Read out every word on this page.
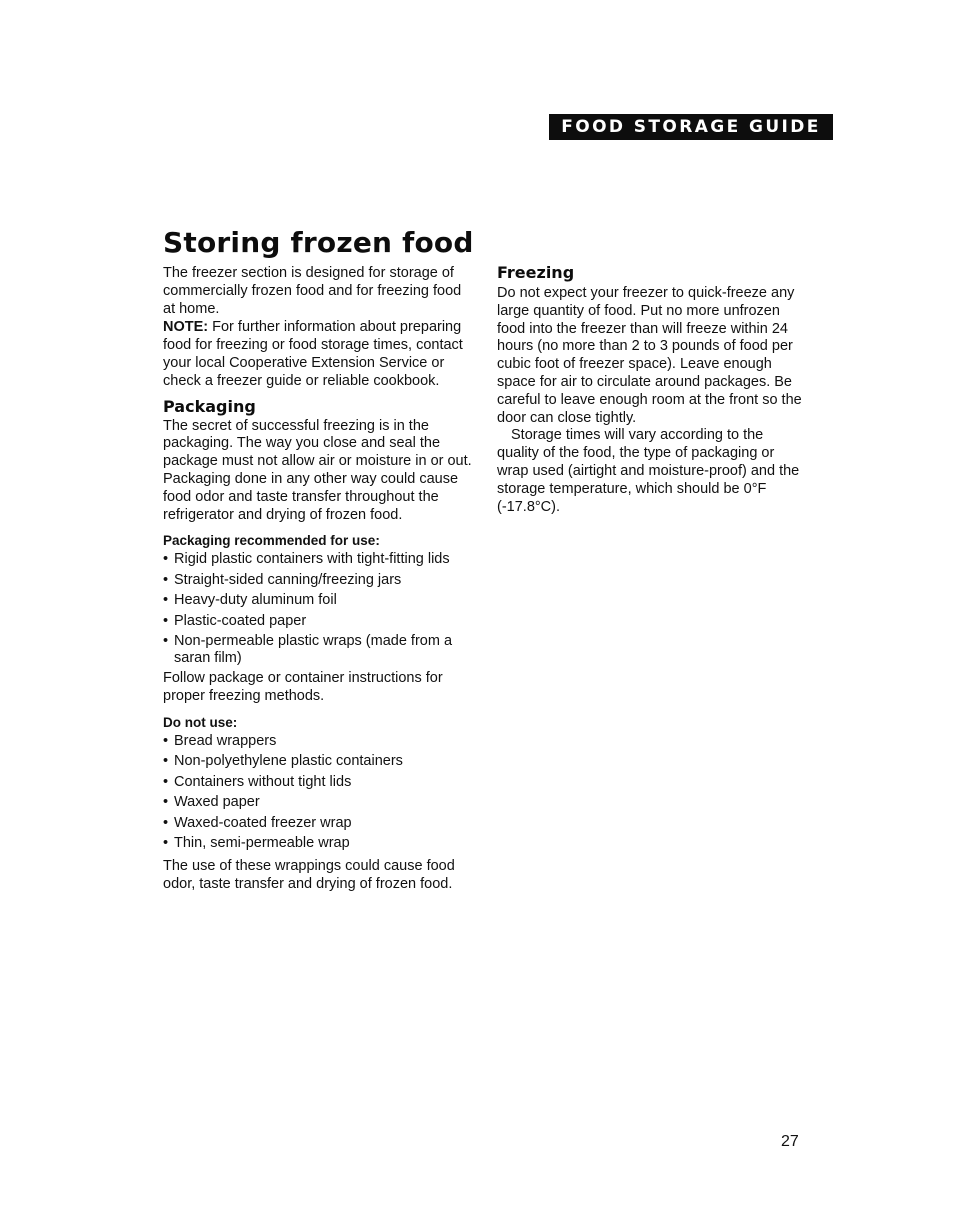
FOOD STORAGE GUIDE
Storing frozen food

The freezer section is designed for storage of commercially frozen food and for freezing food at home.

NOTE: For further information about preparing food for freezing or food storage times, contact your local Cooperative Extension Service or check a freezer guide or reliable cookbook.

Packaging

The secret of successful freezing is in the packaging. The way you close and seal the package must not allow air or moisture in or out. Packaging done in any other way could cause food odor and taste transfer throughout the refrigerator and drying of frozen food.

Packaging recommended for use:

• Rigid plastic containers with tight-fitting lids
• Straight-sided canning/freezing jars
• Heavy-duty aluminum foil
• Plastic-coated paper
• Non-permeable plastic wraps (made from a saran film)

Follow package or container instructions for proper freezing methods.

Do not use:

• Bread wrappers
• Non-polyethylene plastic containers
• Containers without tight lids
• Waxed paper
• Waxed-coated freezer wrap
• Thin, semi-permeable wrap

The use of these wrappings could cause food odor, taste transfer and drying of frozen food.

Freezing

Do not expect your freezer to quick-freeze any large quantity of food. Put no more unfrozen food into the freezer than will freeze within 24 hours (no more than 2 to 3 pounds of food per cubic foot of freezer space). Leave enough space for air to circulate around packages. Be careful to leave enough room at the front so the door can close tightly.

Storage times will vary according to the quality of the food, the type of packaging or wrap used (airtight and moisture-proof) and the storage temperature, which should be 0°F (-17.8°C).

27
